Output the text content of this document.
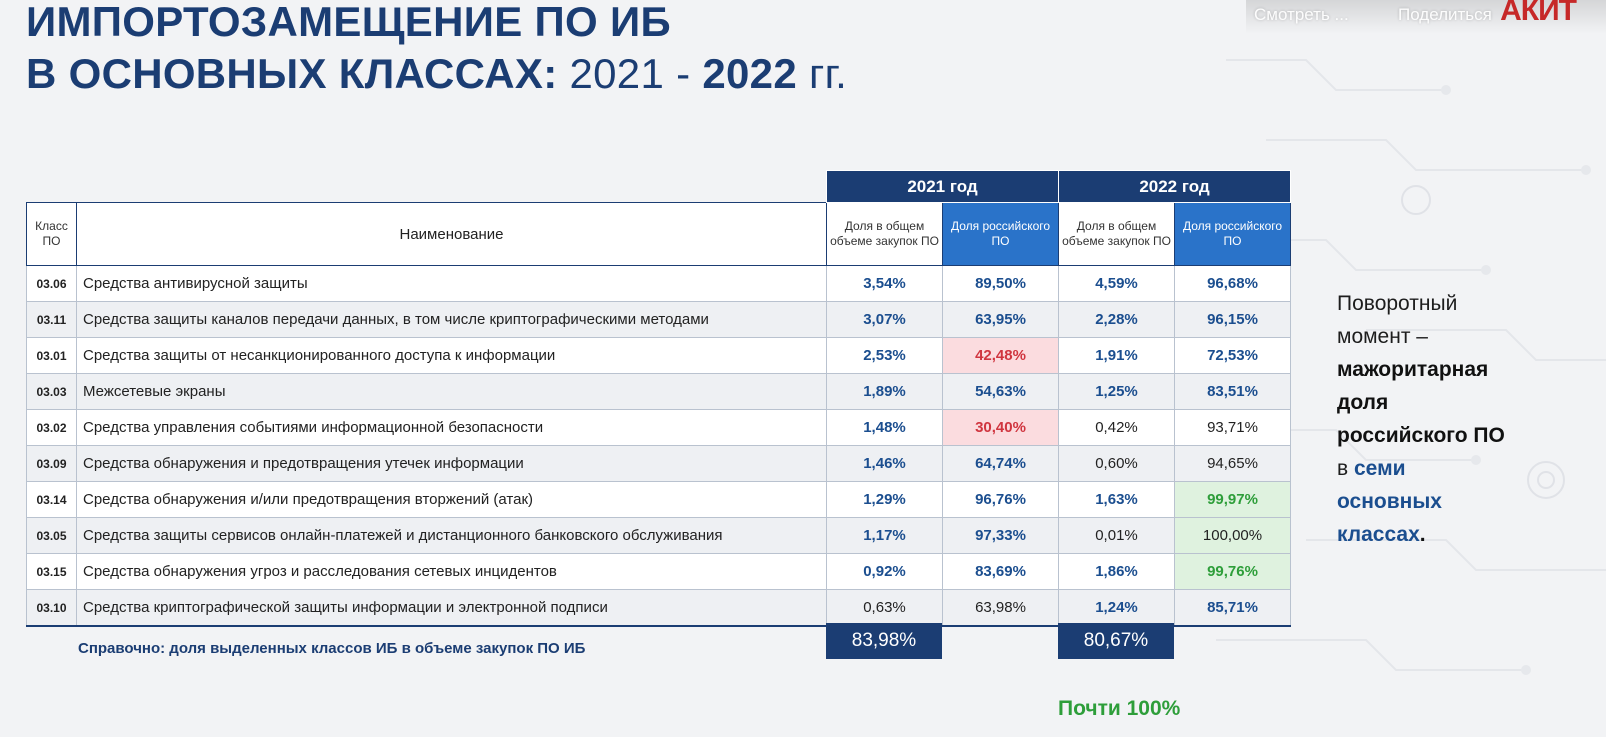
Смотреть ...	АКИТ
Поделиться
ИМПОРТОЗАМЕЩЕНИЕ ПО ИБ
В ОСНОВНЫХ КЛАССАХ: 2021 - 2022 гг.
		2021 год		2022 год	
Класс ПО	Наименование	Доля в общем объеме закупок ПО	Доля российского ПО	Доля в общем объеме закупок ПО	Доля российского ПО
03.06	Средства антивирусной защиты	3,54%	89,50%	4,59%	96,68%
03.11	Средства защиты каналов передачи данных, в том числе криптографическими методами	3,07%	63,95%	2,28%	96,15%
03.01	Средства защиты от несанкционированного доступа к информации	2,53%	42,48%	1,91%	72,53%
03.03	Межсетевые экраны	1,89%	54,63%	1,25%	83,51%
03.02	Средства управления событиями информационной безопасности	1,48%	30,40%	0,42%	93,71%
03.09	Средства обнаружения и предотвращения утечек информации	1,46%	64,74%	0,60%	94,65%
03.14	Средства обнаружения и/или предотвращения вторжений (атак)	1,29%	96,76%	1,63%	99,97%
03.05	Средства защиты сервисов онлайн-платежей и дистанционного банковского обслуживания	1,17%	97,33%	0,01%	100,00%
03.15	Средства обнаружения угроз и расследования сетевых инцидентов	0,92%	83,69%	1,86%	99,76%
03.10	Средства криптографической защиты информации и электронной подписи	0,63%	63,98%	1,24%	85,71%
Справочно: доля выделенных классов ИБ в объеме закупок ПО ИБ	83,98%	80,67%
Почти 100%
Поворотный
момент –
мажоритарная
доля
российского ПО
в семи
основных
классах.
